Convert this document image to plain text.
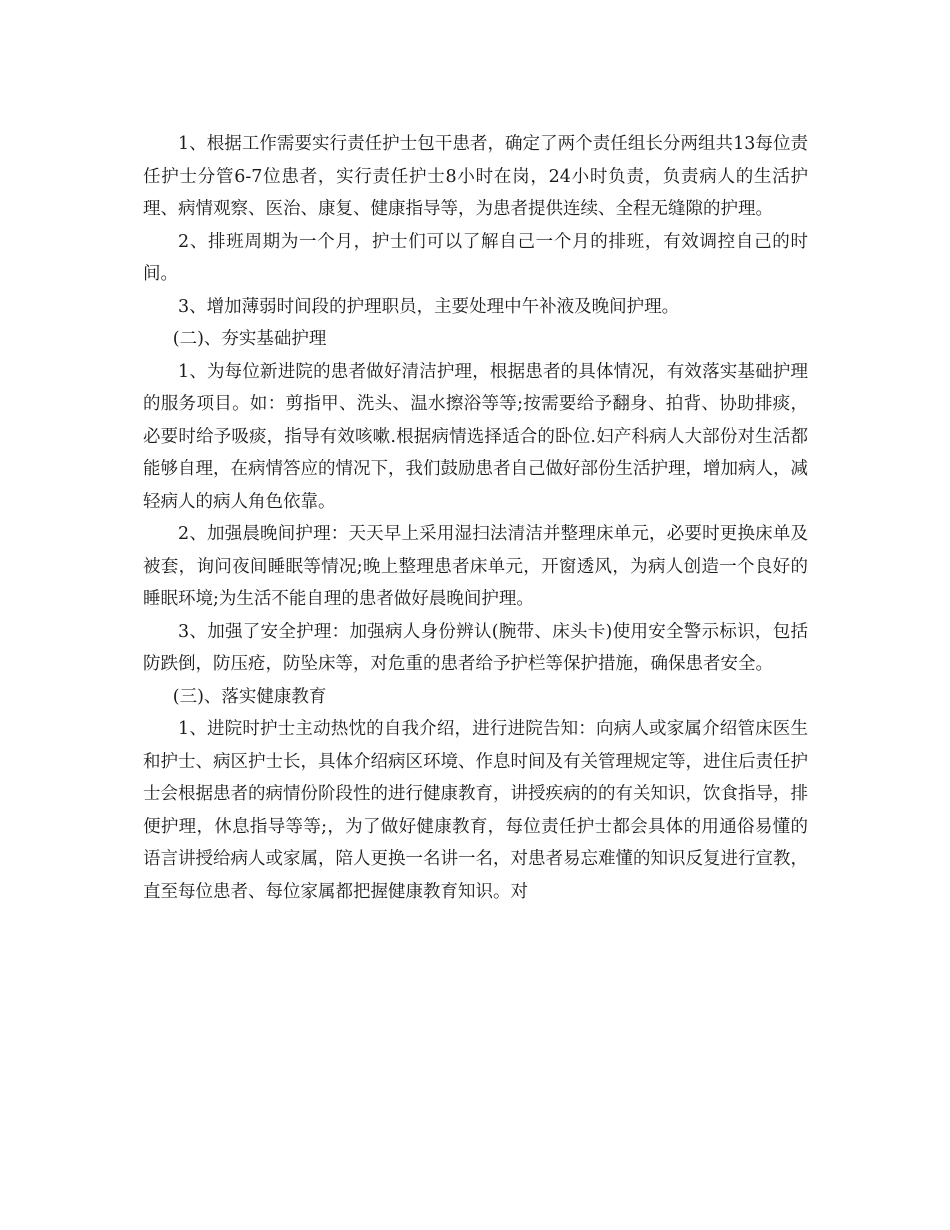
1、根据工作需要实行责任护士包干患者，确定了两个责任组长分两组共13每位责任护士分管6-7位患者，实行责任护士8小时在岗，24小时负责，负责病人的生活护理、病情观察、医治、康复、健康指导等，为患者提供连续、全程无缝隙的护理。

2、排班周期为一个月，护士们可以了解自己一个月的排班，有效调控自己的时间。

3、增加薄弱时间段的护理职员，主要处理中午补液及晚间护理。

(二)、夯实基础护理

1、为每位新进院的患者做好清洁护理，根据患者的具体情况，有效落实基础护理的服务项目。如：剪指甲、洗头、温水擦浴等等;按需要给予翻身、拍背、协助排痰，必要时给予吸痰，指导有效咳嗽.根据病情选择适合的卧位.妇产科病人大部份对生活都能够自理，在病情答应的情况下，我们鼓励患者自己做好部份生活护理，增加病人，减轻病人的病人角色依靠。

2、加强晨晚间护理：天天早上采用湿扫法清洁并整理床单元，必要时更换床单及被套，询问夜间睡眠等情况;晚上整理患者床单元，开窗透风，为病人创造一个良好的睡眠环境;为生活不能自理的患者做好晨晚间护理。

3、加强了安全护理：加强病人身份辨认(腕带、床头卡)使用安全警示标识，包括防跌倒，防压疮，防坠床等，对危重的患者给予护栏等保护措施，确保患者安全。

(三)、落实健康教育

1、进院时护士主动热忱的自我介绍，进行进院告知：向病人或家属介绍管床医生和护士、病区护士长，具体介绍病区环境、作息时间及有关管理规定等，进住后责任护士会根据患者的病情份阶段性的进行健康教育，讲授疾病的的有关知识，饮食指导，排便护理，休息指导等等;，为了做好健康教育，每位责任护士都会具体的用通俗易懂的语言讲授给病人或家属，陪人更换一名讲一名，对患者易忘难懂的知识反复进行宣教，直至每位患者、每位家属都把握健康教育知识。对
